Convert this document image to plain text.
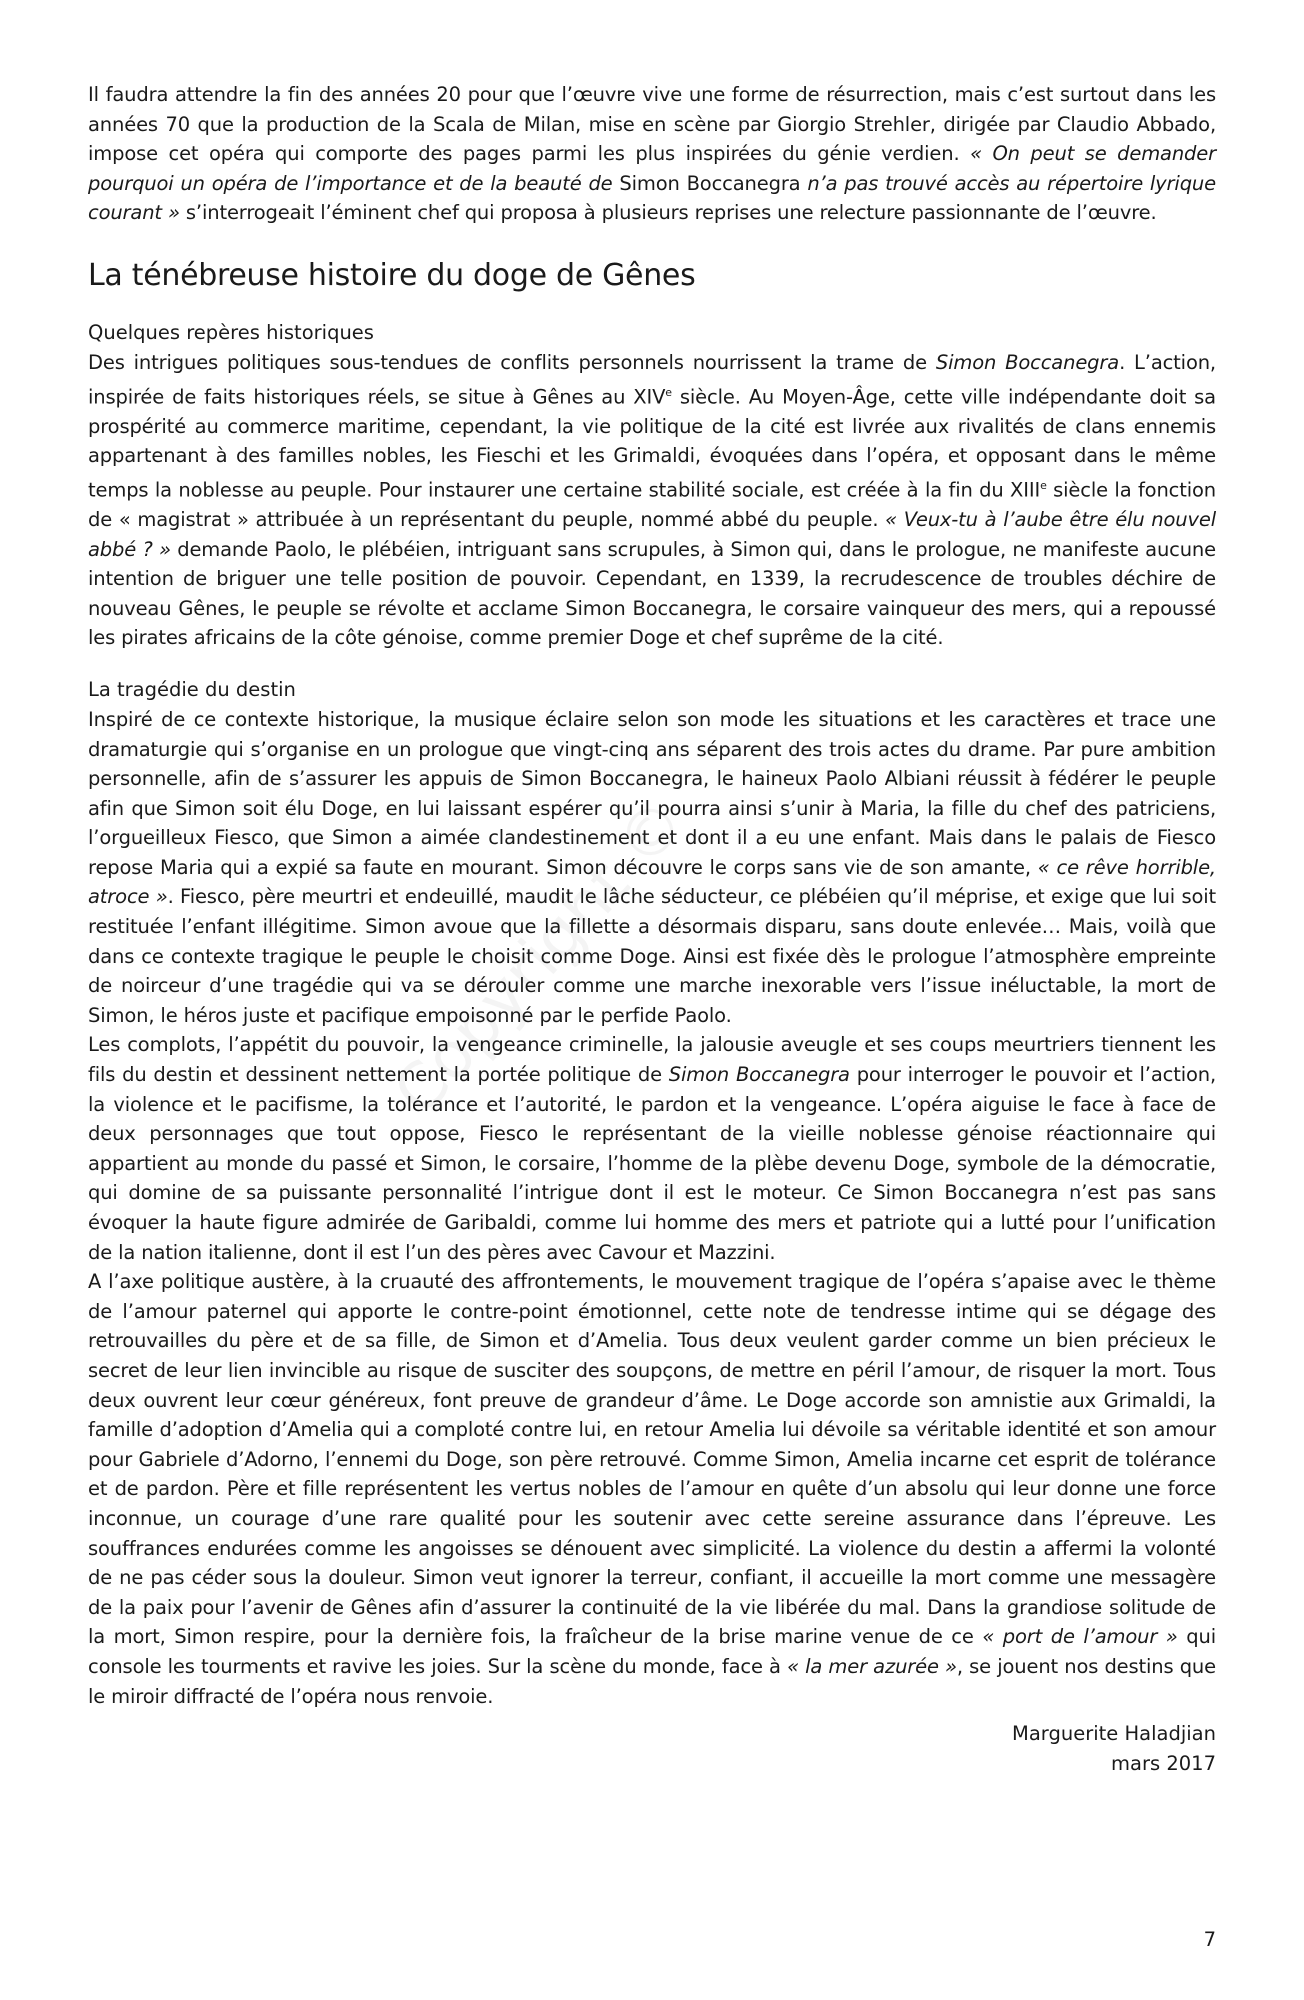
Il faudra attendre la fin des années 20 pour que l’œuvre vive une forme de résurrection, mais c’est surtout dans les années 70 que la production de la Scala de Milan, mise en scène par Giorgio Strehler, dirigée par Claudio Abbado, impose cet opéra qui comporte des pages parmi les plus inspirées du génie verdien. « On peut se demander pourquoi un opéra de l’importance et de la beauté de Simon Boccanegra n’a pas trouvé accès au répertoire lyrique courant » s’interrogeait l’éminent chef qui proposa à plusieurs reprises une relecture passionnante de l’œuvre.

La ténébreuse histoire du doge de Gênes
Quelques repères historiques

Des intrigues politiques sous-tendues de conflits personnels nourrissent la trame de Simon Boccanegra. L’action, inspirée de faits historiques réels, se situe à Gênes au XIVe siècle. Au Moyen-Âge, cette ville indépendante doit sa prospérité au commerce maritime, cependant, la vie politique de la cité est livrée aux rivalités de clans ennemis appartenant à des familles nobles, les Fieschi et les Grimaldi, évoquées dans l’opéra, et opposant dans le même temps la noblesse au peuple. Pour instaurer une certaine stabilité sociale, est créée à la fin du XIIIe siècle la fonction de « magistrat » attribuée à un représentant du peuple, nommé abbé du peuple. « Veux-tu à l’aube être élu nouvel abbé ? » demande Paolo, le plébéien, intriguant sans scrupules, à Simon qui, dans le prologue, ne manifeste aucune intention de briguer une telle position de pouvoir. Cependant, en 1339, la recrudescence de troubles déchire de nouveau Gênes, le peuple se révolte et acclame Simon Boccanegra, le corsaire vainqueur des mers, qui a repoussé les pirates africains de la côte génoise, comme premier Doge et chef suprême de la cité.

La tragédie du destin

Inspiré de ce contexte historique, la musique éclaire selon son mode les situations et les caractères et trace une dramaturgie qui s’organise en un prologue que vingt-cinq ans séparent des trois actes du drame. Par pure ambition personnelle, afin de s’assurer les appuis de Simon Boccanegra, le haineux Paolo Albiani réussit à fédérer le peuple afin que Simon soit élu Doge, en lui laissant espérer qu’il pourra ainsi s’unir à Maria, la fille du chef des patriciens, l’orgueilleux Fiesco, que Simon a aimée clandestinement et dont il a eu une enfant. Mais dans le palais de Fiesco repose Maria qui a expié sa faute en mourant. Simon découvre le corps sans vie de son amante, « ce rêve horrible, atroce ». Fiesco, père meurtri et endeuillé, maudit le lâche séducteur, ce plébéien qu’il méprise, et exige que lui soit restituée l’enfant illégitime. Simon avoue que la fillette a désormais disparu, sans doute enlevée… Mais, voilà que dans ce contexte tragique le peuple le choisit comme Doge. Ainsi est fixée dès le prologue l’atmosphère empreinte de noirceur d’une tragédie qui va se dérouler comme une marche inexorable vers l’issue inéluctable, la mort de Simon, le héros juste et pacifique empoisonné par le perfide Paolo.

Les complots, l’appétit du pouvoir, la vengeance criminelle, la jalousie aveugle et ses coups meurtriers tiennent les fils du destin et dessinent nettement la portée politique de Simon Boccanegra pour interroger le pouvoir et l’action, la violence et le pacifisme, la tolérance et l’autorité, le pardon et la vengeance. L’opéra aiguise le face à face de deux personnages que tout oppose, Fiesco le représentant de la vieille noblesse génoise réactionnaire qui appartient au monde du passé et Simon, le corsaire, l’homme de la plèbe devenu Doge, symbole de la démocratie, qui domine de sa puissante personnalité l’intrigue dont il est le moteur. Ce Simon Boccanegra n’est pas sans évoquer la haute figure admirée de Garibaldi, comme lui homme des mers et patriote qui a lutté pour l’unification de la nation italienne, dont il est l’un des pères avec Cavour et Mazzini.

A l’axe politique austère, à la cruauté des affrontements, le mouvement tragique de l’opéra s’apaise avec le thème de l’amour paternel qui apporte le contre-point émotionnel, cette note de tendresse intime qui se dégage des retrouvailles du père et de sa fille, de Simon et d’Amelia. Tous deux veulent garder comme un bien précieux le secret de leur lien invincible au risque de susciter des soupçons, de mettre en péril l’amour, de risquer la mort. Tous deux ouvrent leur cœur généreux, font preuve de grandeur d’âme. Le Doge accorde son amnistie aux Grimaldi, la famille d’adoption d’Amelia qui a comploté contre lui, en retour Amelia lui dévoile sa véritable identité et son amour pour Gabriele d’Adorno, l’ennemi du Doge, son père retrouvé. Comme Simon, Amelia incarne cet esprit de tolérance et de pardon. Père et fille représentent les vertus nobles de l’amour en quête d’un absolu qui leur donne une force inconnue, un courage d’une rare qualité pour les soutenir avec cette sereine assurance dans l’épreuve. Les souffrances endurées comme les angoisses se dénouent avec simplicité. La violence du destin a affermi la volonté de ne pas céder sous la douleur. Simon veut ignorer la terreur, confiant, il accueille la mort comme une messagère de la paix pour l’avenir de Gênes afin d’assurer la continuité de la vie libérée du mal. Dans la grandiose solitude de la mort, Simon respire, pour la dernière fois, la fraîcheur de la brise marine venue de ce « port de l’amour » qui console les tourments et ravive les joies. Sur la scène du monde, face à « la mer azurée », se jouent nos destins que le miroir diffracté de l’opéra nous renvoie.

Marguerite Haladjian
mars 2017
7
